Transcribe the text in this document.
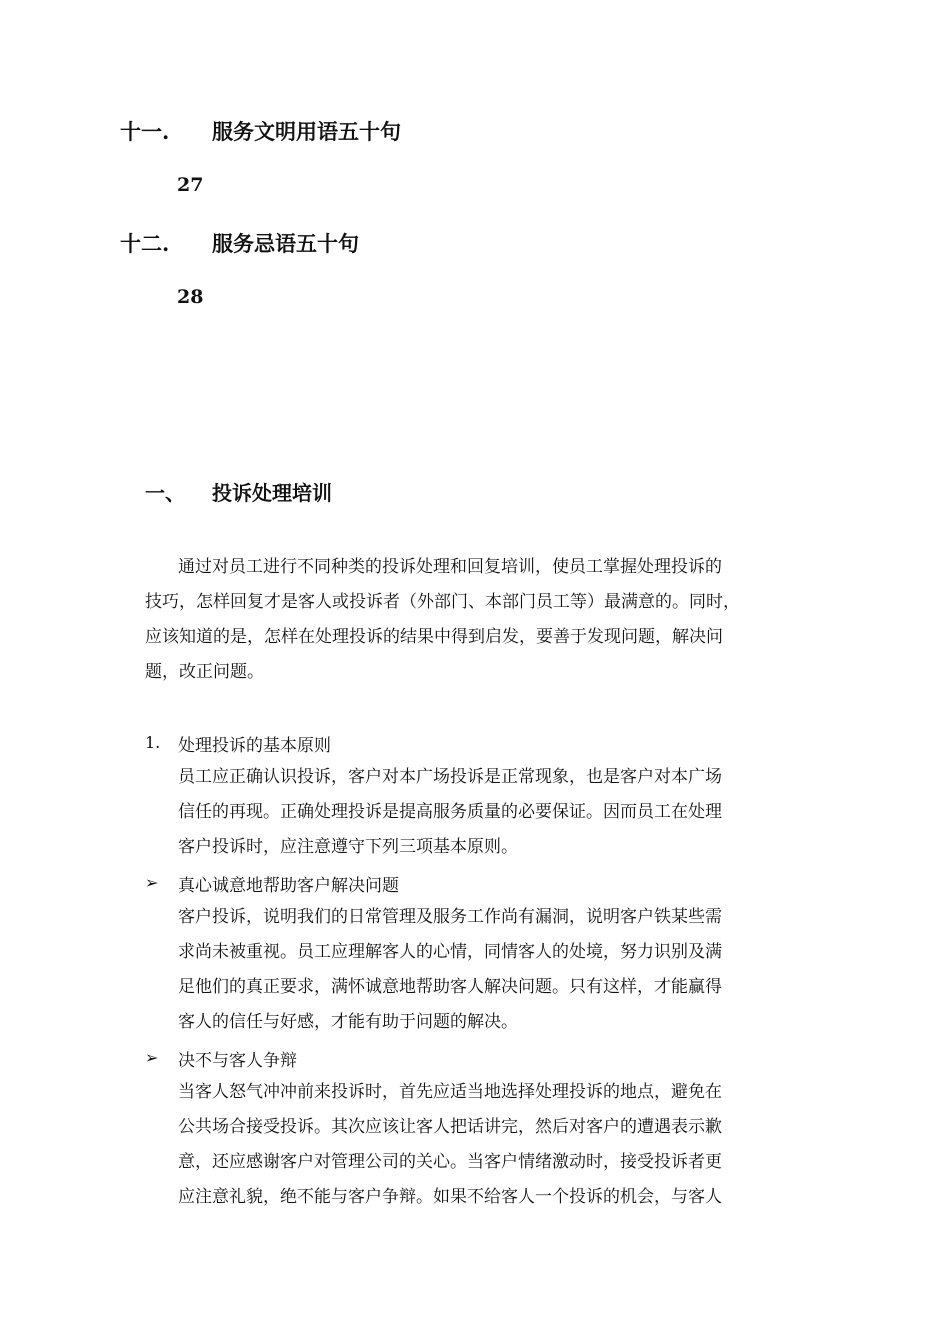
十一. 服务文明用语五十句
27
十二. 服务忌语五十句
28
一、 投诉处理培训
通过对员工进行不同种类的投诉处理和回复培训，使员工掌握处理投诉的
技巧，怎样回复才是客人或投诉者（外部门、本部门员工等）最满意的。同时，
应该知道的是，怎样在处理投诉的结果中得到启发，要善于发现问题，解决问
题，改正问题。
1. 处理投诉的基本原则
员工应正确认识投诉，客户对本广场投诉是正常现象，也是客户对本广场
信任的再现。正确处理投诉是提高服务质量的必要保证。因而员工在处理
客户投诉时，应注意遵守下列三项基本原则。
➢ 真心诚意地帮助客户解决问题
客户投诉，说明我们的日常管理及服务工作尚有漏洞，说明客户铁某些需
求尚未被重视。员工应理解客人的心情，同情客人的处境，努力识别及满
足他们的真正要求，满怀诚意地帮助客人解决问题。只有这样，才能赢得
客人的信任与好感，才能有助于问题的解决。
➢ 决不与客人争辩
当客人怒气冲冲前来投诉时，首先应适当地选择处理投诉的地点，避免在
公共场合接受投诉。其次应该让客人把话讲完，然后对客户的遭遇表示歉
意，还应感谢客户对管理公司的关心。当客户情绪激动时，接受投诉者更
应注意礼貌，绝不能与客户争辩。如果不给客人一个投诉的机会，与客人
